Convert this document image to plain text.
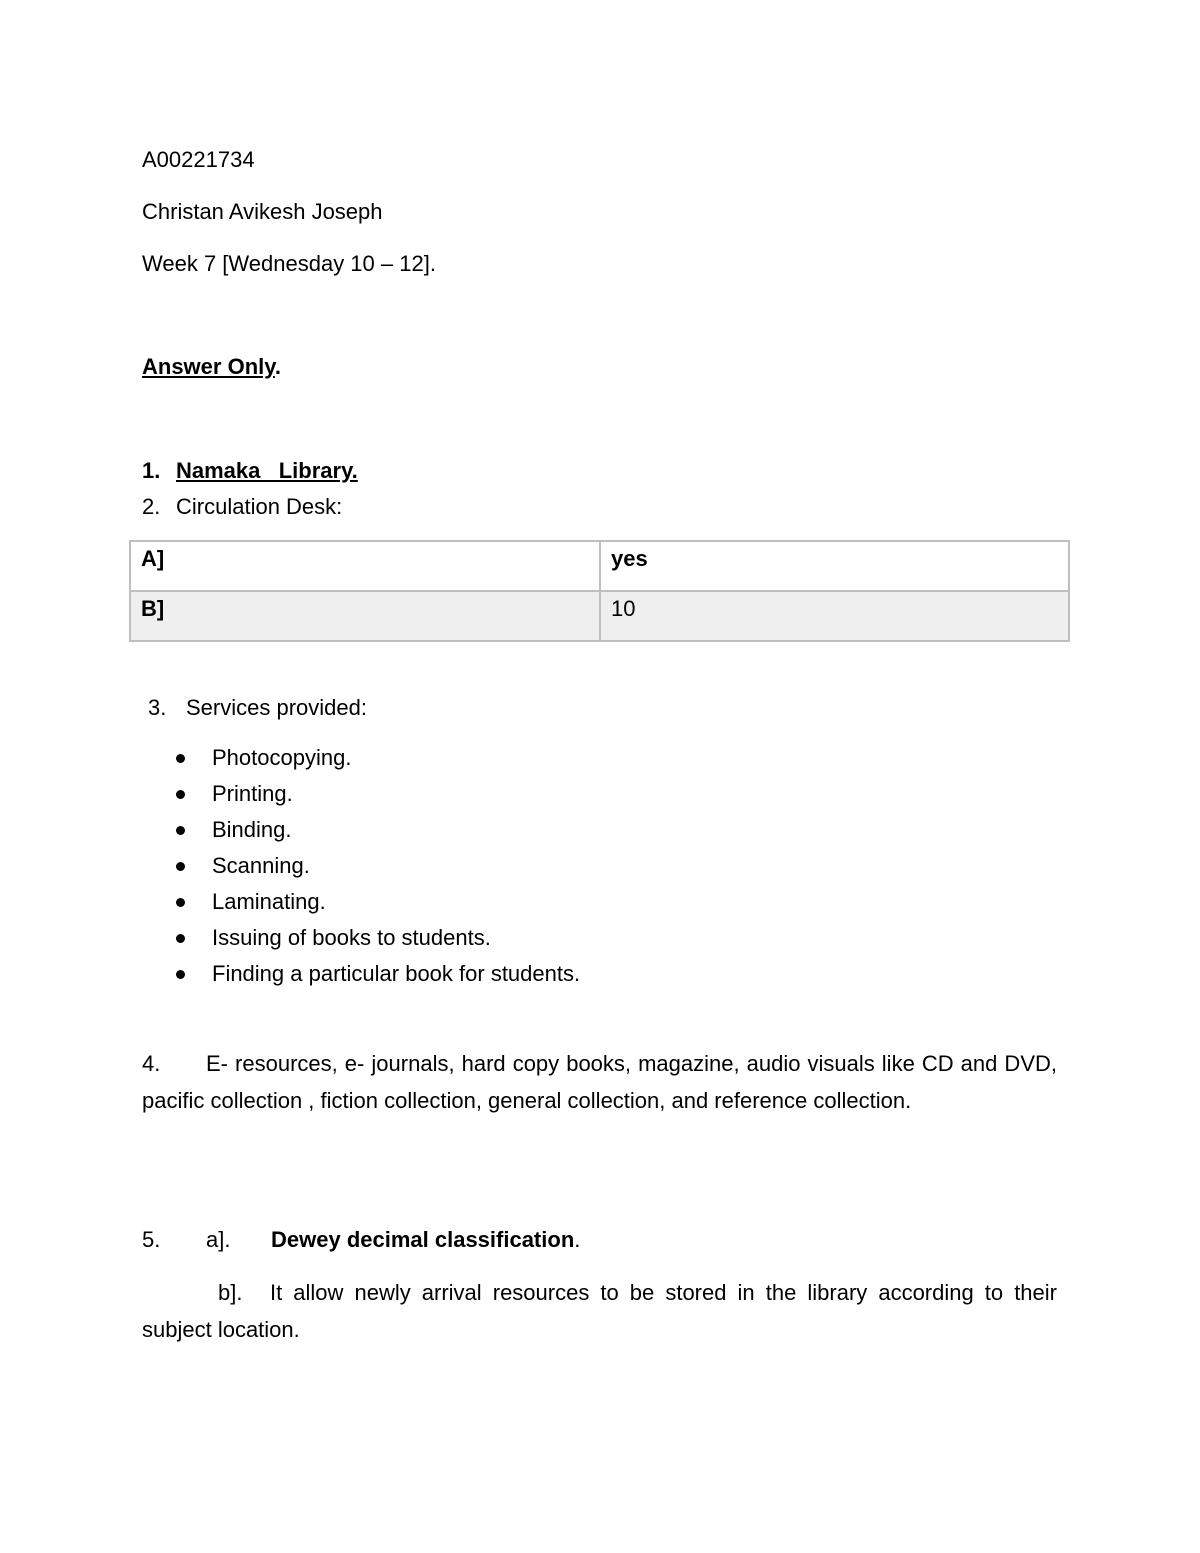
A00221734
Christan Avikesh Joseph
Week 7 [Wednesday 10 – 12].
Answer Only.
1. Namaka   Library.
2. Circulation Desk:
A]	yes
B]	10
3. Services provided:
Photocopying.
Printing.
Binding.
Scanning.
Laminating.
Issuing of books to students.
Finding a particular book for students.
4. E- resources, e- journals, hard copy books, magazine, audio visuals like CD and DVD, pacific collection , fiction collection, general collection, and reference collection.
5. a]. Dewey decimal classification.
b]. It allow newly arrival resources to be stored in the library according to their subject location.
